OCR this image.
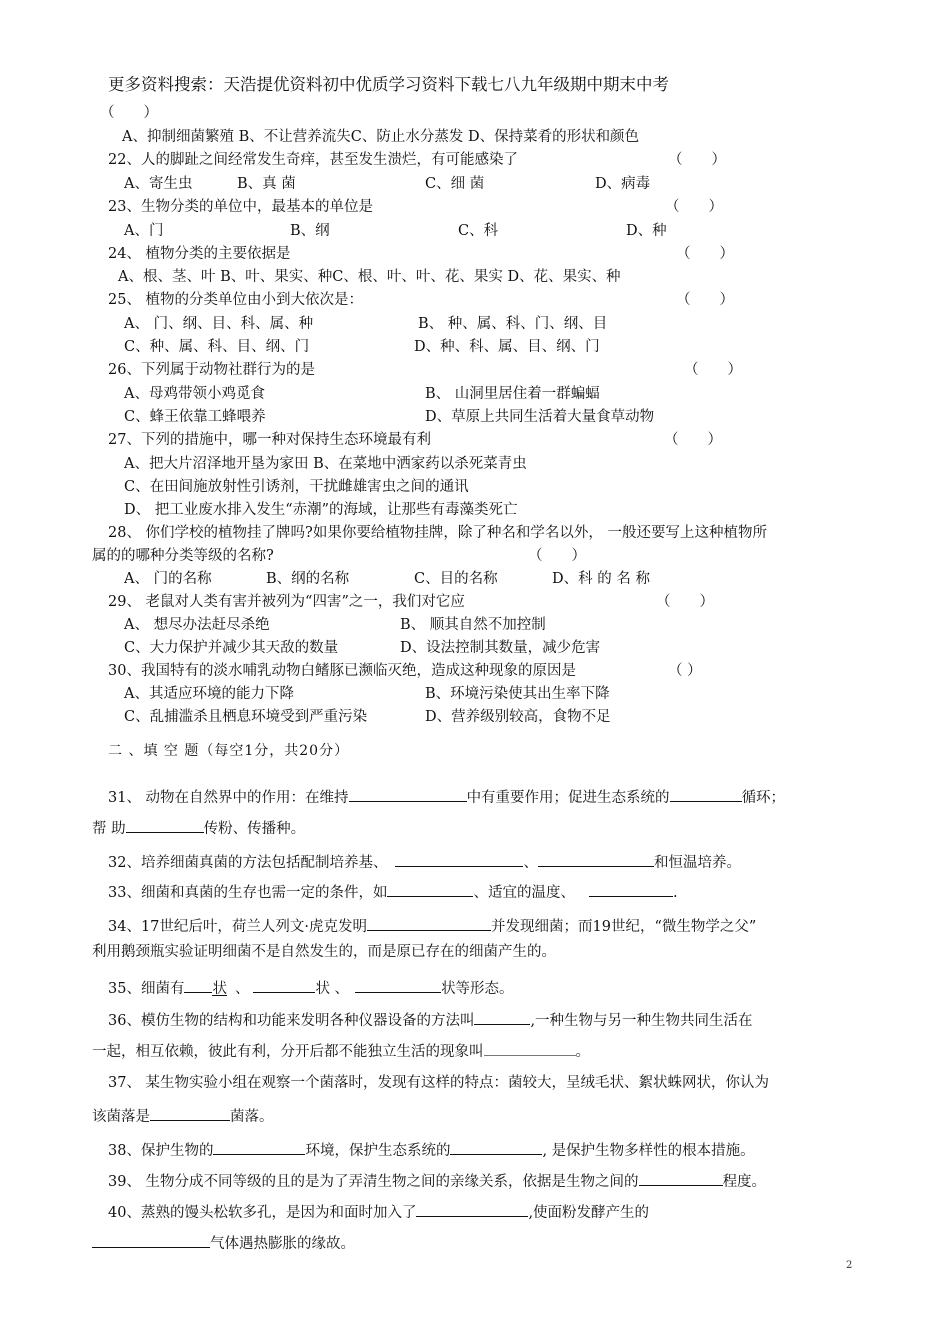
更多资料搜索：天浩提优资料初中优质学习资料下载七八九年级期中期末中考
（　　）
A、抑制细菌繁殖 B、不让营养流失C、防止水分蒸发 D、保持菜肴的形状和颜色
22、人的脚趾之间经常发生奇痒，甚至发生溃烂，有可能感染了	（　　）
A、寄生虫	B、真 菌	C、细 菌	D、病毒
23、生物分类的单位中，最基本的单位是	（　　）
A、门	B、纲	C、科	D、种
24、 植物分类的主要依据是	（　　）
A、根、茎、叶 B、叶、果实、种C、根、叶、叶、花、果实 D、花、果实、种
25、 植物的分类单位由小到大依次是：	（　　）
A、 门、纲、目、科、属、种	B、 种、属、科、门、纲、目
C、种、属、科、目、纲、门	D、种、科、属、目、纲、门
26、下列属于动物社群行为的是	（　　）
A、母鸡带领小鸡觅食	B、 山洞里居住着一群蝙蝠
C、蜂王依靠工蜂喂养	D、草原上共同生活着大量食草动物
27、下列的措施中，哪一种对保持生态环境最有利	（　　）
A、把大片沼泽地开垦为家田 B、在菜地中洒家药以杀死菜青虫
C、在田间施放射性引诱剂，干扰雌雄害虫之间的通讯
D、 把工业废水排入发生“赤潮”的海域，让那些有毒藻类死亡
28、 你们学校的植物挂了牌吗?如果你要给植物挂牌，除了种名和学名以外， 一般还要写上这种植物所
属的的哪种分类等级的名称?	（　　）
A、 门的名称	B、纲的名称	C、目的名称	D、科 的 名 称
29、 老鼠对人类有害并被列为“四害”之一，我们对它应	（　　）
A、 想尽办法赶尽杀绝	B、 顺其自然不加控制
C、大力保护并减少其天敌的数量	D、设法控制其数量，减少危害
30、我国特有的淡水哺乳动物白鳍豚已濒临灭绝，造成这种现象的原因是	（ ）
A、其适应环境的能力下降	B、环境污染使其出生率下降
C、乱捕滥杀且栖息环境受到严重污染	D、营养级别较高，食物不足
二 、填 空 题（每空1分，共20分）
31、 动物在自然界中的作用：在维持	中有重要作用；促进生态系统的	循环；
帮 助	传粉、传播种。
32、培养细菌真菌的方法包括配制培养基、	、	和恒温培养。
33、细菌和真菌的生存也需一定的条件，如	、适宜的温度、	.
34、17世纪后叶，荷兰人列文·虎克发明	并发现细菌；而19世纪，“微生物学之父”
利用鹅颈瓶实验证明细菌不是自然发生的，而是原已存在的细菌产生的。
35、细菌有 状 、	状 、	状等形态。
36、模仿生物的结构和功能来发明各种仪器设备的方法叫	,一种生物与另一种生物共同生活在
一起，相互依赖，彼此有利，分开后都不能独立生活的现象叫	。
37、 某生物实验小组在观察一个菌落时，发现有这样的特点：菌较大，呈绒毛状、絮状蛛网状，你认为
该菌落是	菌落。
38、保护生物的	环境，保护生态系统的	, 是保护生物多样性的根本措施。
39、 生物分成不同等级的且的是为了弄清生物之间的亲缘关系，依据是生物之间的	程度。
40、蒸熟的馒头松软多孔，是因为和面时加入了	,使面粉发酵产生的
气体遇热膨胀的缘故。
2
